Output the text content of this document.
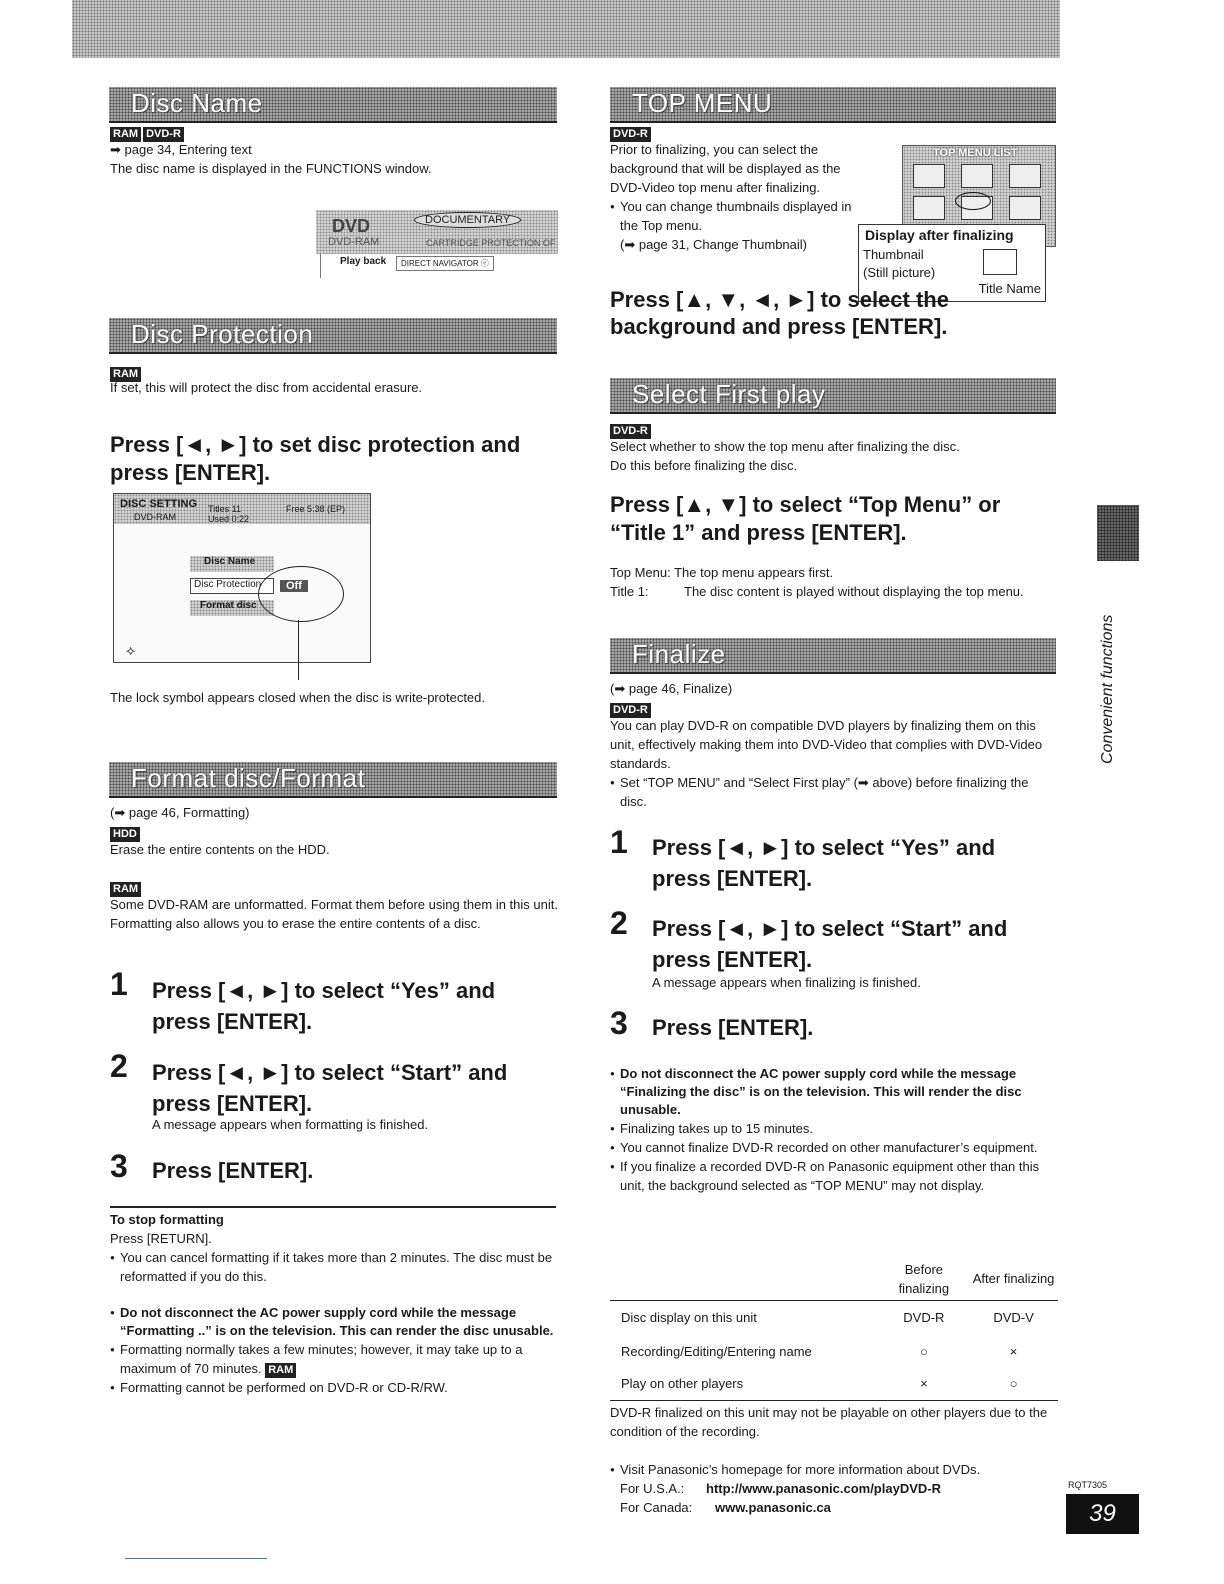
Disc Name
RAM DVD-R
➡ page 34, Entering text
The disc name is displayed in the FUNCTIONS window.
DVD
DVD-RAM
DOCUMENTARY
CARTRIDGE PROTECTION OF
Play back	DIRECT NAVIGATOR ⓔ
Disc Protection
RAM
If set, this will protect the disc from accidental erasure.
Press [◄, ►] to set disc protection and press [ENTER].
DISC SETTING
DVD-RAM
Titles 11
Used 0:22
Free 5:38 (EP)
Disc Name
Disc Protection
Format disc
Off
⟡
The lock symbol appears closed when the disc is write-protected.
Format disc/Format
(➡ page 46, Formatting)
HDD
Erase the entire contents on the HDD.
RAM
Some DVD-RAM are unformatted. Format them before using them in this unit. Formatting also allows you to erase the entire contents of a disc.
1 Press [◄, ►] to select “Yes” and press [ENTER].
2 Press [◄, ►] to select “Start” and press [ENTER].
A message appears when formatting is finished.
3 Press [ENTER].
To stop formatting
Press [RETURN].
● You can cancel formatting if it takes more than 2 minutes. The disc must be reformatted if you do this.
● Do not disconnect the AC power supply cord while the message “Formatting ..” is on the television. This can render the disc unusable.
● Formatting normally takes a few minutes; however, it may take up to a maximum of 70 minutes. RAM
● Formatting cannot be performed on DVD-R or CD-R/RW.
TOP MENU
DVD-R
Prior to finalizing, you can select the background that will be displayed as the DVD-Video top menu after finalizing.
● You can change thumbnails displayed in the Top menu.
(➡ page 31, Change Thumbnail)
TOP MENU LIST
Display after finalizing
Thumbnail
(Still picture)
Title Name
Press [▲, ▼, ◄, ►] to select the background and press [ENTER].
Select First play
DVD-R
Select whether to show the top menu after finalizing the disc.
Do this before finalizing the disc.
Press [▲, ▼] to select “Top Menu” or “Title 1” and press [ENTER].
Top Menu: The top menu appears first.
Title 1:	The disc content is played without displaying the top menu.
Finalize
(➡ page 46, Finalize)
DVD-R
You can play DVD-R on compatible DVD players by finalizing them on this unit, effectively making them into DVD-Video that complies with DVD-Video standards.
● Set “TOP MENU” and “Select First play” (➡ above) before finalizing the disc.
1 Press [◄, ►] to select “Yes” and press [ENTER].
2 Press [◄, ►] to select “Start” and press [ENTER].
A message appears when finalizing is finished.
3 Press [ENTER].
● Do not disconnect the AC power supply cord while the message “Finalizing the disc” is on the television. This will render the disc unusable.
● Finalizing takes up to 15 minutes.
● You cannot finalize DVD-R recorded on other manufacturer’s equipment.
● If you finalize a recorded DVD-R on Panasonic equipment other than this unit, the background selected as “TOP MENU” may not display.
	Before finalizing	After finalizing
Disc display on this unit	DVD-R	DVD-V
Recording/Editing/Entering name	○	×
Play on other players	×	○
DVD-R finalized on this unit may not be playable on other players due to the condition of the recording.
● Visit Panasonic’s homepage for more information about DVDs.
For U.S.A.: http://www.panasonic.com/playDVD-R
For Canada: www.panasonic.ca
Convenient functions
RQT7305
39
